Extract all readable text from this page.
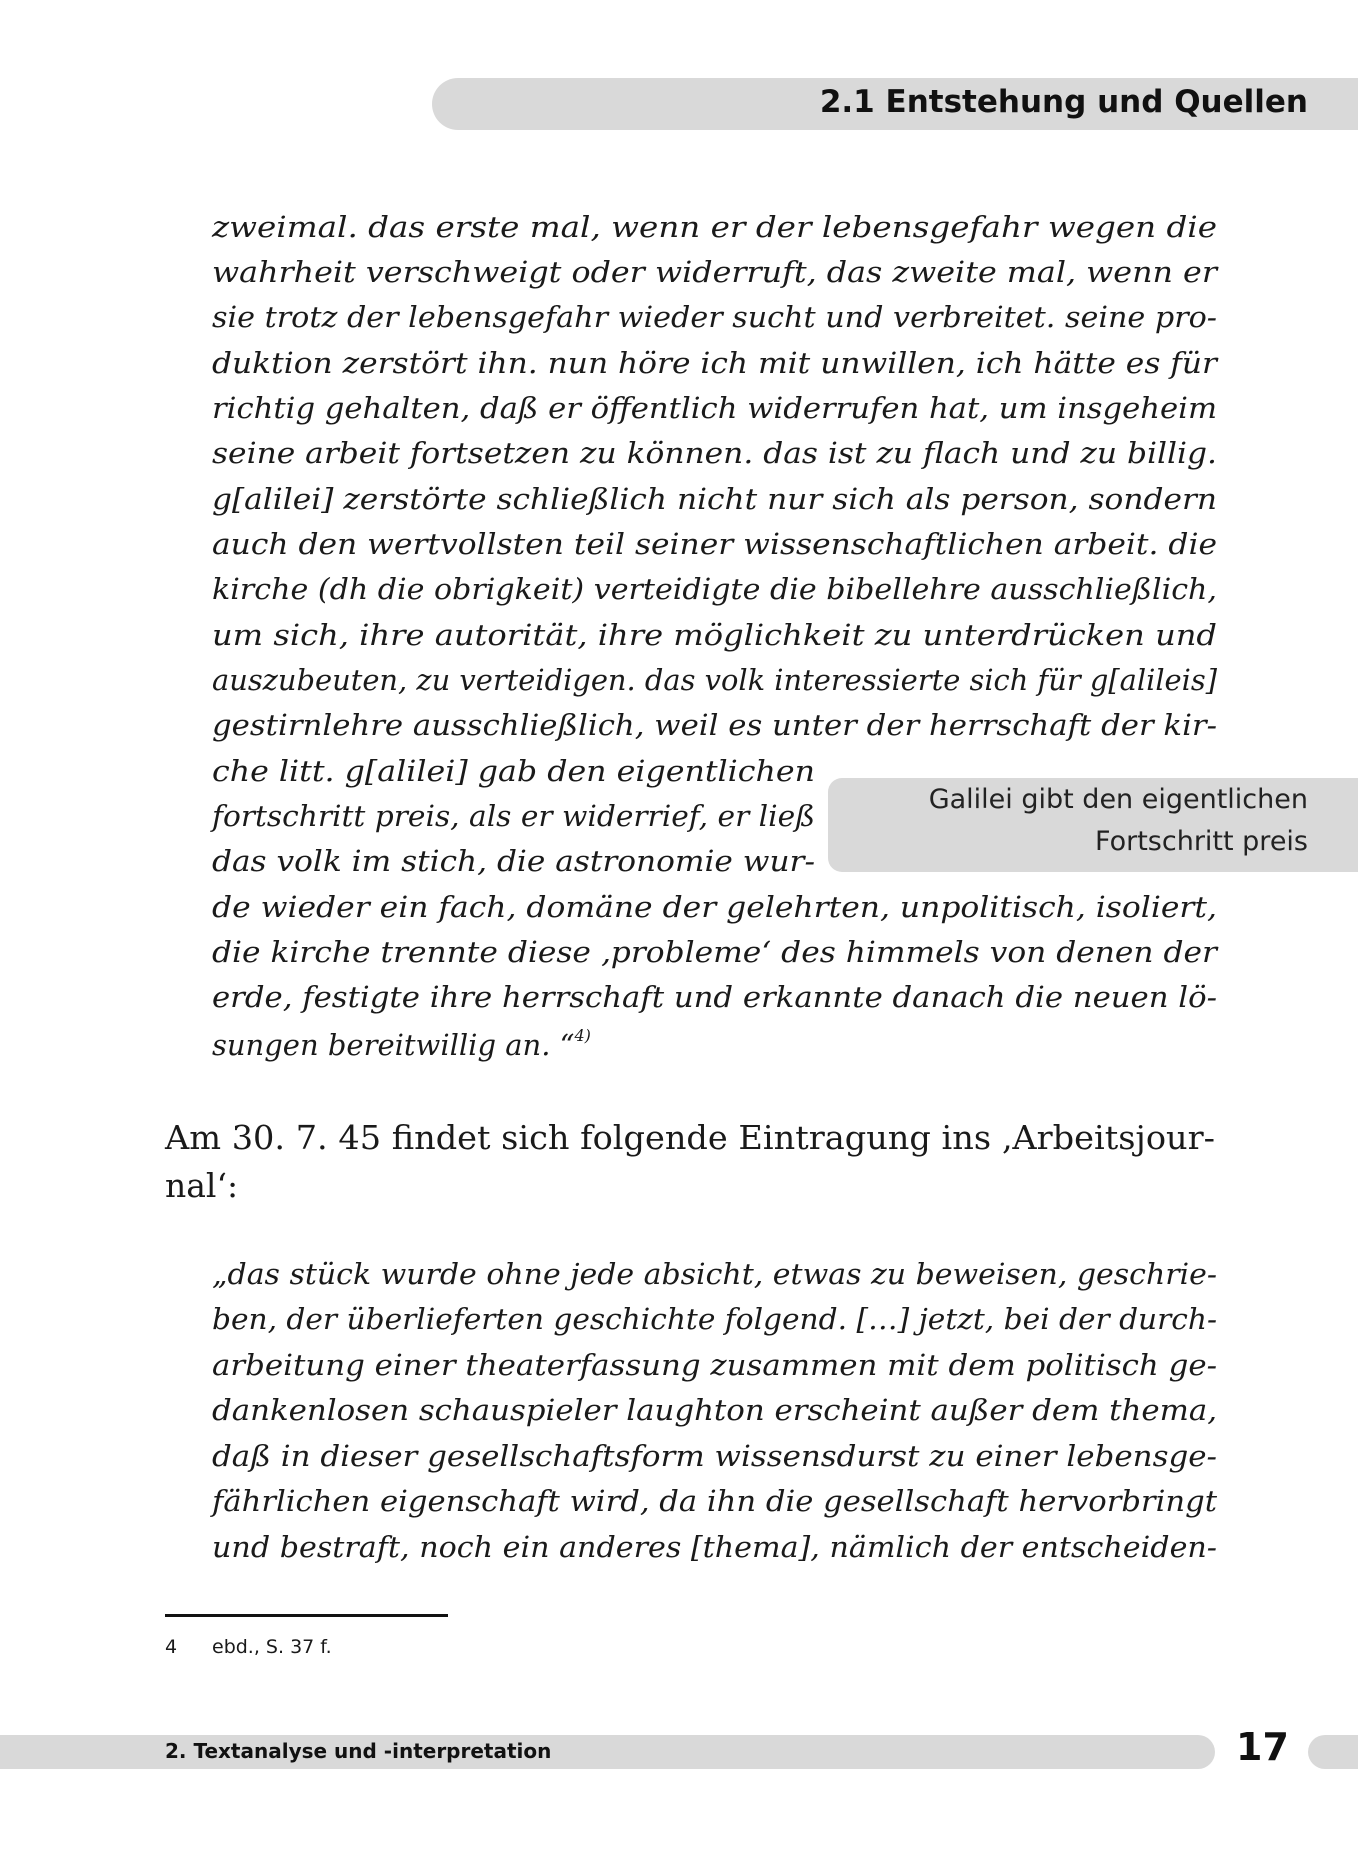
2.1 Entstehung und Quellen
zweimal. das erste mal, wenn er der lebensgefahr wegen die
wahrheit verschweigt oder widerruft, das zweite mal, wenn er
sie trotz der lebensgefahr wieder sucht und verbreitet. seine pro-
duktion zerstört ihn. nun höre ich mit unwillen, ich hätte es für
richtig gehalten, daß er öffentlich widerrufen hat, um insgeheim
seine arbeit fortsetzen zu können. das ist zu flach und zu billig.
g[alilei] zerstörte schließlich nicht nur sich als person, sondern
auch den wertvollsten teil seiner wissenschaftlichen arbeit. die
kirche (dh die obrigkeit) verteidigte die bibellehre ausschließlich,
um sich, ihre autorität, ihre möglichkeit zu unterdrücken und
auszubeuten, zu verteidigen. das volk interessierte sich für g[alileis]
gestirnlehre ausschließlich, weil es unter der herrschaft der kir-
che litt. g[alilei] gab den eigentlichen
fortschritt preis, als er widerrief, er ließ
das volk im stich, die astronomie wur-
de wieder ein fach, domäne der gelehrten, unpolitisch, isoliert,
die kirche trennte diese ‚probleme‘ des himmels von denen der
erde, festigte ihre herrschaft und erkannte danach die neuen lö-
sungen bereitwillig an. “$^{4)}$
Galilei gibt den eigentlichen
Fortschritt preis
Am 30. 7. 45 findet sich folgende Eintragung ins ‚Arbeitsjour-
nal‘:
„das stück wurde ohne jede absicht, etwas zu beweisen, geschrie-
ben, der überlieferten geschichte folgend. […] jetzt, bei der durch-
arbeitung einer theaterfassung zusammen mit dem politisch ge-
dankenlosen schauspieler laughton erscheint außer dem thema,
daß in dieser gesellschaftsform wissensdurst zu einer lebensge-
fährlichen eigenschaft wird, da ihn die gesellschaft hervorbringt
und bestraft, noch ein anderes [thema], nämlich der entscheiden-
4 ebd., S. 37 f.
2. Textanalyse und -interpretation	17
